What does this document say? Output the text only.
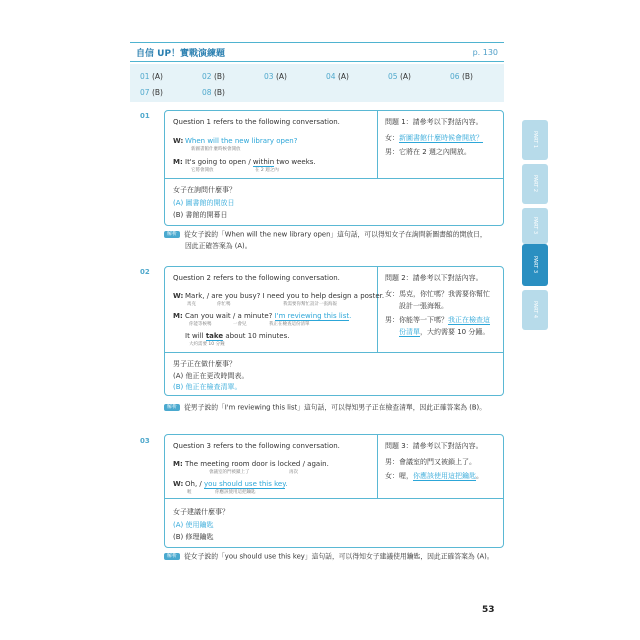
自信 UP！實戰演練題	p. 130
01 (A)	02 (B)	03 (A)	04 (A)	05 (A)	06 (B)
07 (B)	08 (B)
01
Question 1 refers to the following conversation.
W: When will the new library open?
新圖書館什麼時候會開放
M: It's going to open / within two weeks.
它將會開放	在 2 週之內
問題 1：請參考以下對話內容。
女：新圖書館什麼時候會開放？
男：它將在 2 週之內開放。
女子在詢問什麼事？
(A) 圖書館的開放日
(B) 書館的開幕日
解析 從女子說的「When will the new library open」這句話，可以得知女子在詢問新圖書館的開放日，
因此正確答案為 (A)。
02
Question 2 refers to the following conversation.
W: Mark, / are you busy? I need you to help design a poster.
馬克	你忙嗎	我需要你幫忙設計一張海報
M: Can you wait / a minute? I'm reviewing this list.
你能等候嗎	一會兒	我正在檢查這份清單
It will take about 10 minutes.
大約需要 10 分鐘
問題 2：請參考以下對話內容。
女：馬克，你忙嗎？我需要你幫忙
設計一張海報。
男：你能等一下嗎？我正在檢查這
份清單，大約需要 10 分鐘。
男子正在做什麼事？
(A) 他正在更改時間表。
(B) 他正在檢查清單。
解析 從男子說的「I'm reviewing this list」這句話，可以得知男子正在檢查清單，因此正確答案為 (B)。
03
Question 3 refers to the following conversation.
M: The meeting room door is locked / again.
會議室的門被鎖上了	再次
W: Oh, / you should use this key.
喔	你應該使用這把鑰匙
問題 3：請參考以下對話內容。
男：會議室的門又被鎖上了。
女：喔，你應該使用這把鑰匙。
女子建議什麼事？
(A) 使用鑰匙
(B) 修理鑰匙
解析 從女子說的「you should use this key」這句話，可以得知女子建議使用鑰匙，因此正確答案為 (A)。
PART 1
PART 2
PART 3
PART 3
PART 4
53
